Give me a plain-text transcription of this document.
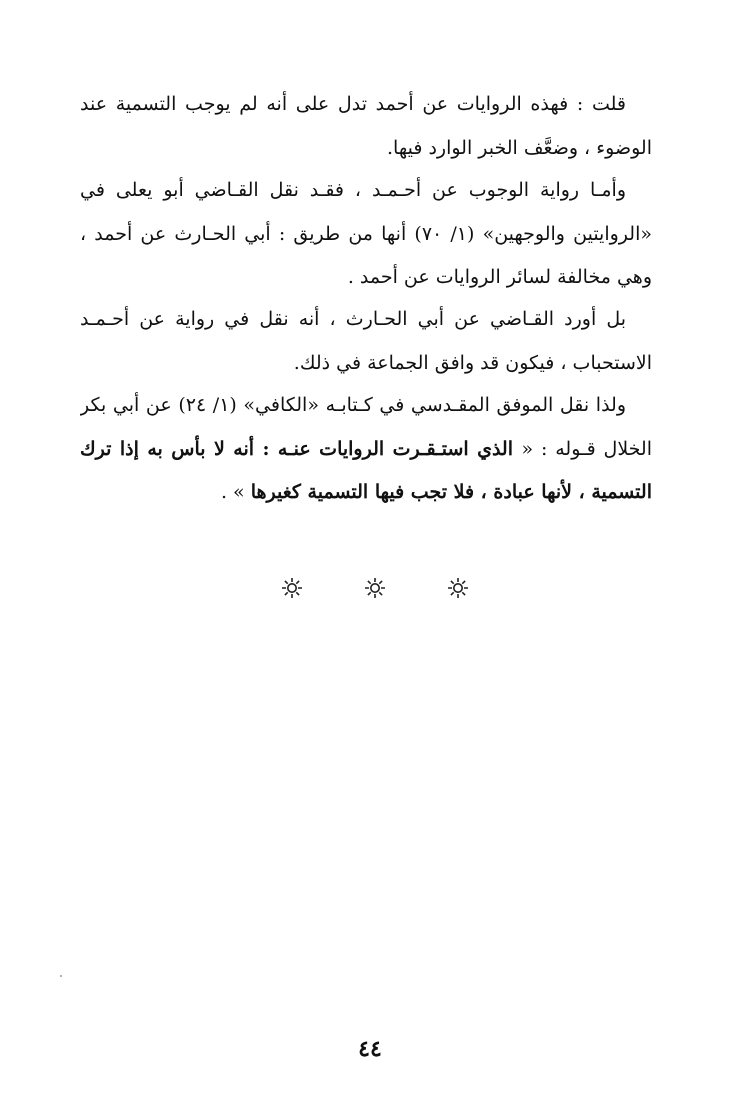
قلت : فهذه الروايات عن أحمد تدل على أنه لم يوجب التسمية عند
الوضوء ، وضعَّف الخبر الوارد فيها.
وأمـا رواية الوجوب عن أحـمـد ، فقـد نقل القـاضي أبو يعلى في
«الروايتين والوجهين» (١/ ٧٠) أنها من طريق : أبي الحـارث عن أحمد ،
وهي مخالفة لسائر الروايات عن أحمد .
بل أورد القـاضي عن أبي الحـارث ، أنه نقل في رواية عن أحـمـد
الاستحباب ، فيكون قد وافق الجماعة في ذلك.
ولذا نقل الموفق المقـدسي في كـتابـه «الكافي» (١/ ٢٤) عن أبي بكر
الخلال قـوله : « الذي استـقـرت الروايات عنـه : أنه لا بأس به إذا ترك
التسمية ، لأنها عبادة ، فلا تجب فيها التسمية كغيرها » .
٤٤
